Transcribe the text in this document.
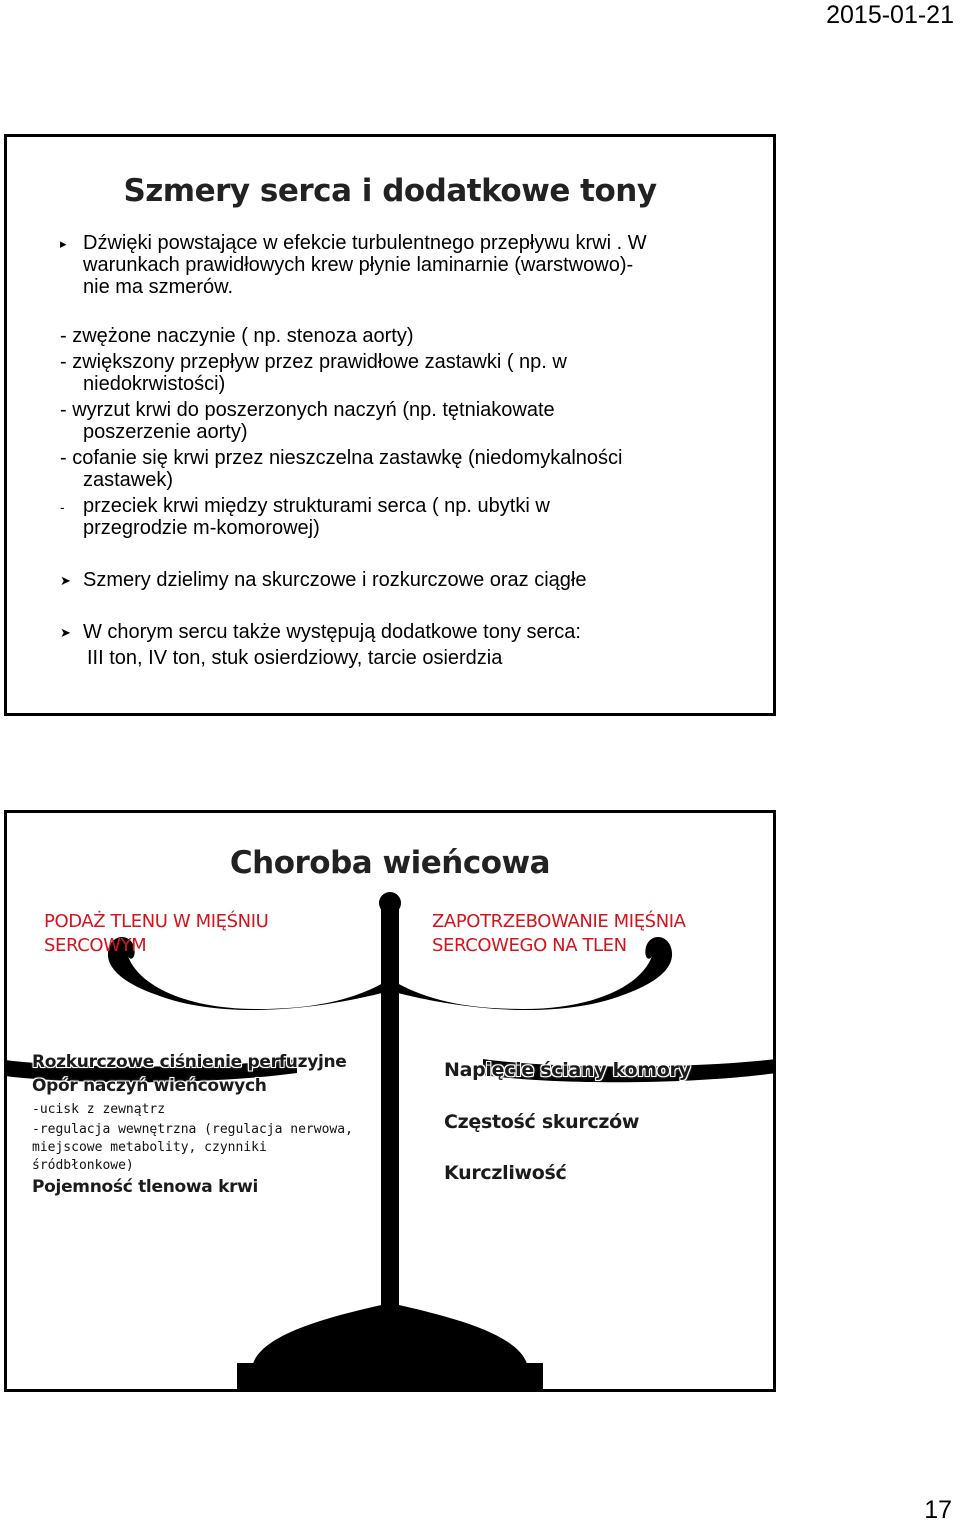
2015-01-21
Szmery serca i dodatkowe tony
▸ Dźwięki powstające w efekcie turbulentnego przepływu krwi . W
warunkach prawidłowych krew płynie laminarnie (warstwowo)-
nie ma szmerów.
- zwężone naczynie ( np. stenoza aorty)
- zwiększony przepływ przez prawidłowe zastawki ( np. w
niedokrwistości)
- wyrzut krwi do poszerzonych naczyń (np. tętniakowate
poszerzenie aorty)
- cofanie się krwi przez nieszczelna zastawkę (niedomykalności
zastawek)
- przeciek krwi między strukturami serca ( np. ubytki w
przegrodzie m-komorowej)
➤ Szmery dzielimy na skurczowe i rozkurczowe oraz ciągłe
➤ W chorym sercu także występują dodatkowe tony serca:
III ton, IV ton, stuk osierdziowy, tarcie osierdzia
Choroba wieńcowa
PODAŻ TLENU W MIĘŚNIU
SERCOWYM
ZAPOTRZEBOWANIE MIĘŚNIA
SERCOWEGO NA TLEN
Rozkurczowe ciśnienie perfuzyjne
Opór naczyń wieńcowych
-ucisk z zewnątrz
-regulacja wewnętrzna (regulacja nerwowa,
miejscowe metabolity, czynniki
śródbłonkowe)
Pojemność tlenowa krwi
Napięcie ściany komory
Częstość skurczów
Kurczliwość
17
